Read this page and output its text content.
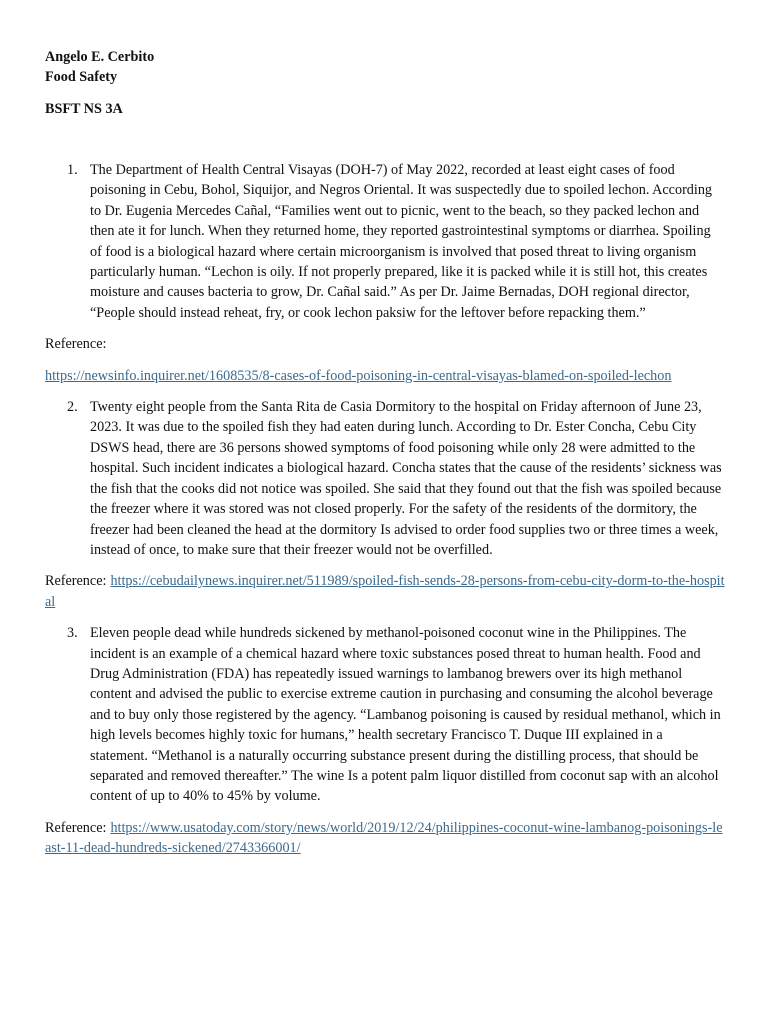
Angelo E. Cerbito
Food Safety
BSFT NS 3A
1. The Department of Health Central Visayas (DOH-7) of May 2022, recorded at least eight cases of food poisoning in Cebu, Bohol, Siquijor, and Negros Oriental. It was suspectedly due to spoiled lechon. According to Dr. Eugenia Mercedes Cañal, “Families went out to picnic, went to the beach, so they packed lechon and then ate it for lunch. When they returned home, they reported gastrointestinal symptoms or diarrhea. Spoiling of food is a biological hazard where certain microorganism is involved that posed threat to living organism particularly human. “Lechon is oily. If not properly prepared, like it is packed while it is still hot, this creates moisture and causes bacteria to grow, Dr. Cañal said.” As per Dr. Jaime Bernadas, DOH regional director, “People should instead reheat, fry, or cook lechon paksiw for the leftover before repacking them.”

Reference:
https://newsinfo.inquirer.net/1608535/8-cases-of-food-poisoning-in-central-visayas-blamed-on-spoiled-lechon
2. Twenty eight people from the Santa Rita de Casia Dormitory to the hospital on Friday afternoon of June 23, 2023. It was due to the spoiled fish they had eaten during lunch. According to Dr. Ester Concha, Cebu City DSWS head, there are 36 persons showed symptoms of food poisoning while only 28 were admitted to the hospital. Such incident indicates a biological hazard. Concha states that the cause of the residents’ sickness was the fish that the cooks did not notice was spoiled. She said that they found out that the fish was spoiled because the freezer where it was stored was not closed properly. For the safety of the residents of the dormitory, the freezer had been cleaned the head at the dormitory Is advised to order food supplies two or three times a week, instead of once, to make sure that their freezer would not be overfilled.

Reference: https://cebudailynews.inquirer.net/511989/spoiled-fish-sends-28-persons-from-cebu-city-dorm-to-the-hospital
3. Eleven people dead while hundreds sickened by methanol-poisoned coconut wine in the Philippines. The incident is an example of a chemical hazard where toxic substances posed threat to human health. Food and Drug Administration (FDA) has repeatedly issued warnings to lambanog brewers over its high methanol content and advised the public to exercise extreme caution in purchasing and consuming the alcohol beverage and to buy only those registered by the agency. “Lambanog poisoning is caused by residual methanol, which in high levels becomes highly toxic for humans,” health secretary Francisco T. Duque III explained in a statement. “Methanol is a naturally occurring substance present during the distilling process, that should be separated and removed thereafter.” The wine Is a potent palm liquor distilled from coconut sap with an alcohol content of up to 40% to 45% by volume.

Reference: https://www.usatoday.com/story/news/world/2019/12/24/philippines-coconut-wine-lambanog-poisonings-least-11-dead-hundreds-sickened/2743366001/
